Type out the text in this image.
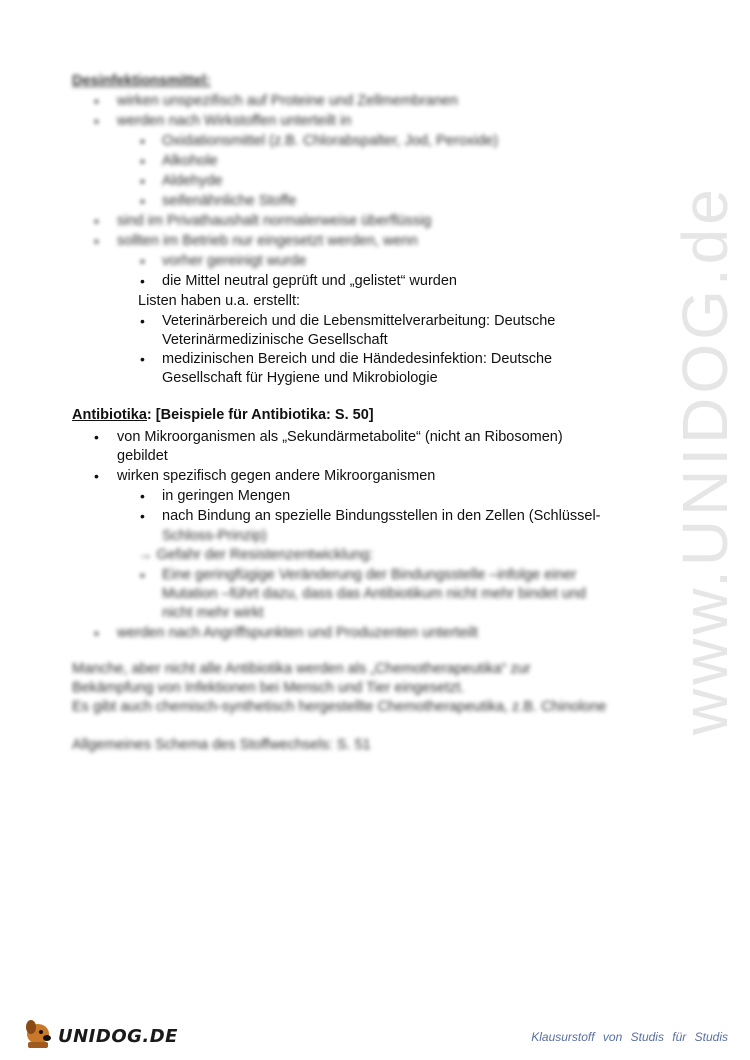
www.UNIDOG.de
Desinfektionsmittel:
• wirken unspezifisch auf Proteine und Zellmembranen
• werden nach Wirkstoffen unterteilt in
• Oxidationsmittel (z.B. Chlorabspalter, Jod, Peroxide)
• Alkohole
• Aldehyde
• seifenähnliche Stoffe
• sind im Privathaushalt normalerweise überflüssig
• sollten im Betrieb nur eingesetzt werden, wenn
• vorher gereinigt wurde
• die Mittel neutral geprüft und „gelistet“ wurden
Listen haben u.a. erstellt:
• Veterinärbereich und die Lebensmittelverarbeitung: Deutsche
Veterinärmedizinische Gesellschaft
• medizinischen Bereich und die Händedesinfektion: Deutsche
Gesellschaft für Hygiene und Mikrobiologie
Antibiotika: [Beispiele für Antibiotika: S. 50]
• von Mikroorganismen als „Sekundärmetabolite“ (nicht an Ribosomen)
gebildet
• wirken spezifisch gegen andere Mikroorganismen
• in geringen Mengen
• nach Bindung an spezielle Bindungsstellen in den Zellen (Schlüssel-
Schloss-Prinzip)
→ Gefahr der Resistenzentwicklung:
• Eine geringfügige Veränderung der Bindungsstelle –infolge einer
Mutation –führt dazu, dass das Antibiotikum nicht mehr bindet und
nicht mehr wirkt
• werden nach Angriffspunkten und Produzenten unterteilt
Manche, aber nicht alle Antibiotika werden als „Chemotherapeutika“ zur
Bekämpfung von Infektionen bei Mensch und Tier eingesetzt.
Es gibt auch chemisch-synthetisch hergestellte Chemotherapeutika, z.B. Chinolone
Allgemeines Schema des Stoffwechsels: S. 51
UNIDOG.DE	Klausurstoff von Studis für Studis
